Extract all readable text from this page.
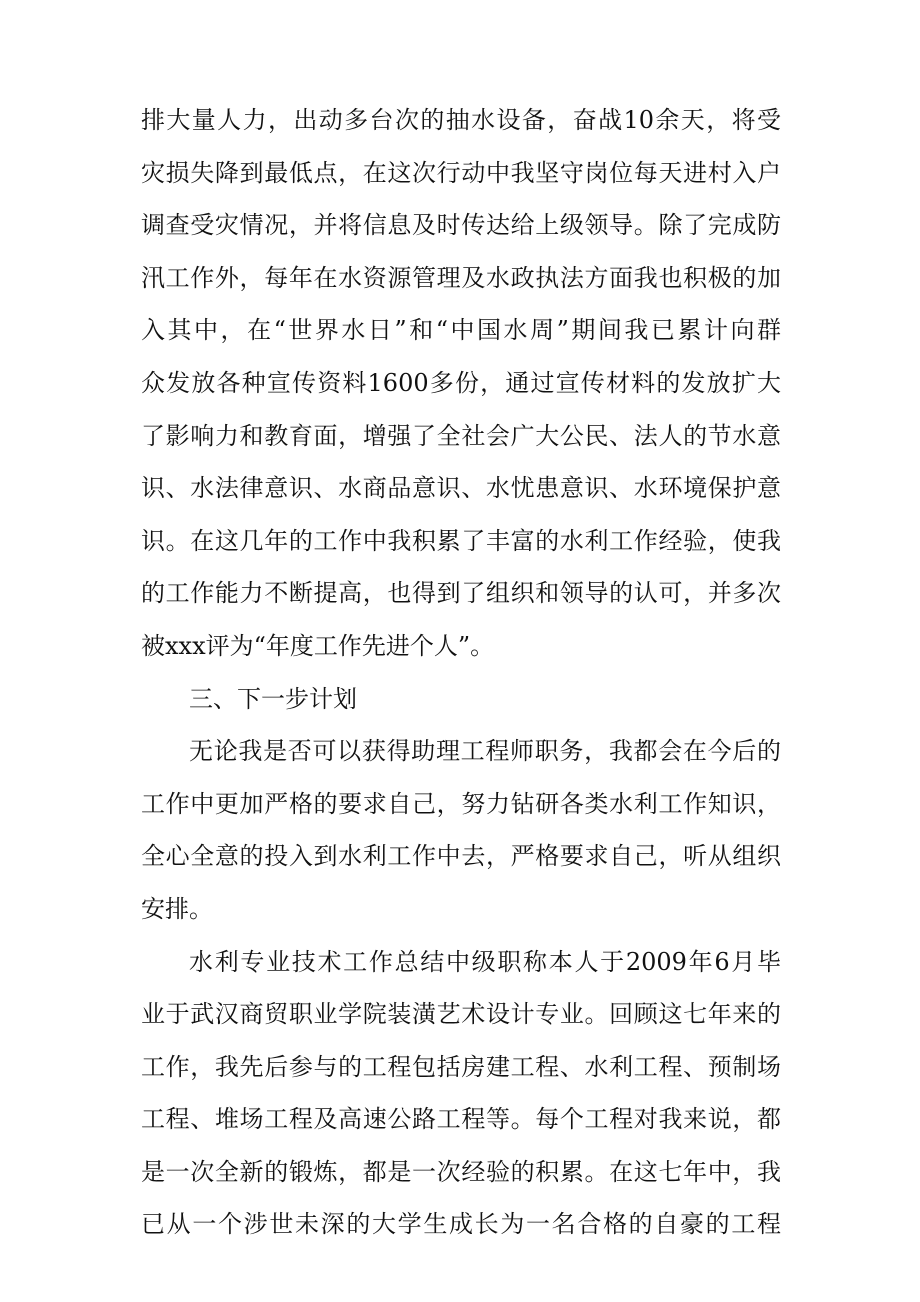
排大量人力，出动多台次的抽水设备，奋战10余天，将受
灾损失降到最低点，在这次行动中我坚守岗位每天进村入户
调查受灾情况，并将信息及时传达给上级领导。除了完成防
汛工作外，每年在水资源管理及水政执法方面我也积极的加
入其中，在“世界水日”和“中国水周”期间我已累计向群
众发放各种宣传资料1600多份，通过宣传材料的发放扩大
了影响力和教育面，增强了全社会广大公民、法人的节水意
识、水法律意识、水商品意识、水忧患意识、水环境保护意
识。在这几年的工作中我积累了丰富的水利工作经验，使我
的工作能力不断提高，也得到了组织和领导的认可，并多次
被xxx评为“年度工作先进个人”。
三、下一步计划
无论我是否可以获得助理工程师职务，我都会在今后的
工作中更加严格的要求自己，努力钻研各类水利工作知识，
全心全意的投入到水利工作中去，严格要求自己，听从组织
安排。
水利专业技术工作总结中级职称本人于2009年6月毕
业于武汉商贸职业学院装潢艺术设计专业。回顾这七年来的
工作，我先后参与的工程包括房建工程、水利工程、预制场
工程、堆场工程及高速公路工程等。每个工程对我来说，都
是一次全新的锻炼，都是一次经验的积累。在这七年中，我
已从一个涉世未深的大学生成长为一名合格的自豪的工程
